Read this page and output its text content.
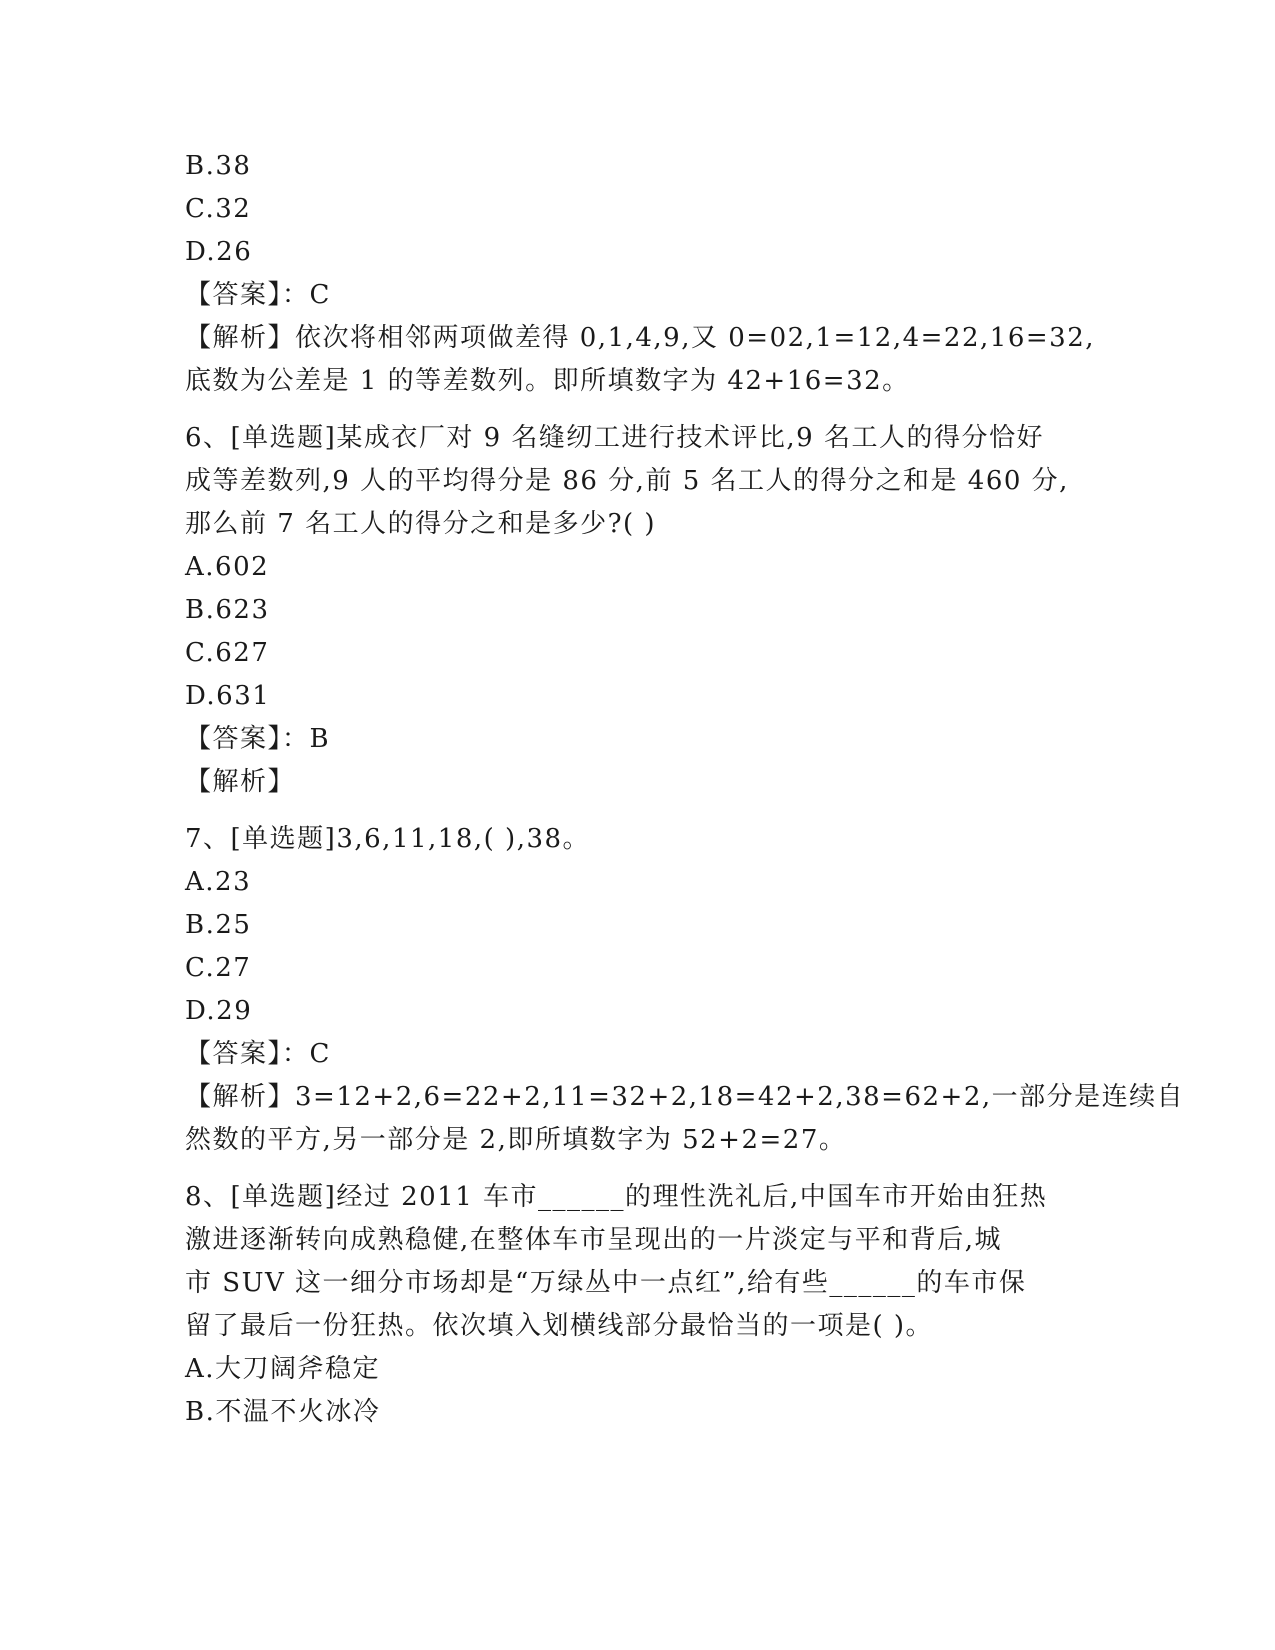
B.38
C.32
D.26
【答案】：C
【解析】依次将相邻两项做差得 0,1,4,9,又 0=02,1=12,4=22,16=32,
底数为公差是 1 的等差数列。即所填数字为 42+16=32。
6、[单选题]某成衣厂对 9 名缝纫工进行技术评比,9 名工人的得分恰好
成等差数列,9 人的平均得分是 86 分,前 5 名工人的得分之和是 460 分,
那么前 7 名工人的得分之和是多少?( )
A.602
B.623
C.627
D.631
【答案】：B
【解析】
7、[单选题]3,6,11,18,( ),38。
A.23
B.25
C.27
D.29
【答案】：C
【解析】3=12+2,6=22+2,11=32+2,18=42+2,38=62+2,一部分是连续自
然数的平方,另一部分是 2,即所填数字为 52+2=27。
8、[单选题]经过 2011 车市______的理性洗礼后,中国车市开始由狂热
激进逐渐转向成熟稳健,在整体车市呈现出的一片淡定与平和背后,城
市 SUV 这一细分市场却是“万绿丛中一点红”,给有些______的车市保
留了最后一份狂热。依次填入划横线部分最恰当的一项是( )。
A.大刀阔斧稳定
B.不温不火冰冷
